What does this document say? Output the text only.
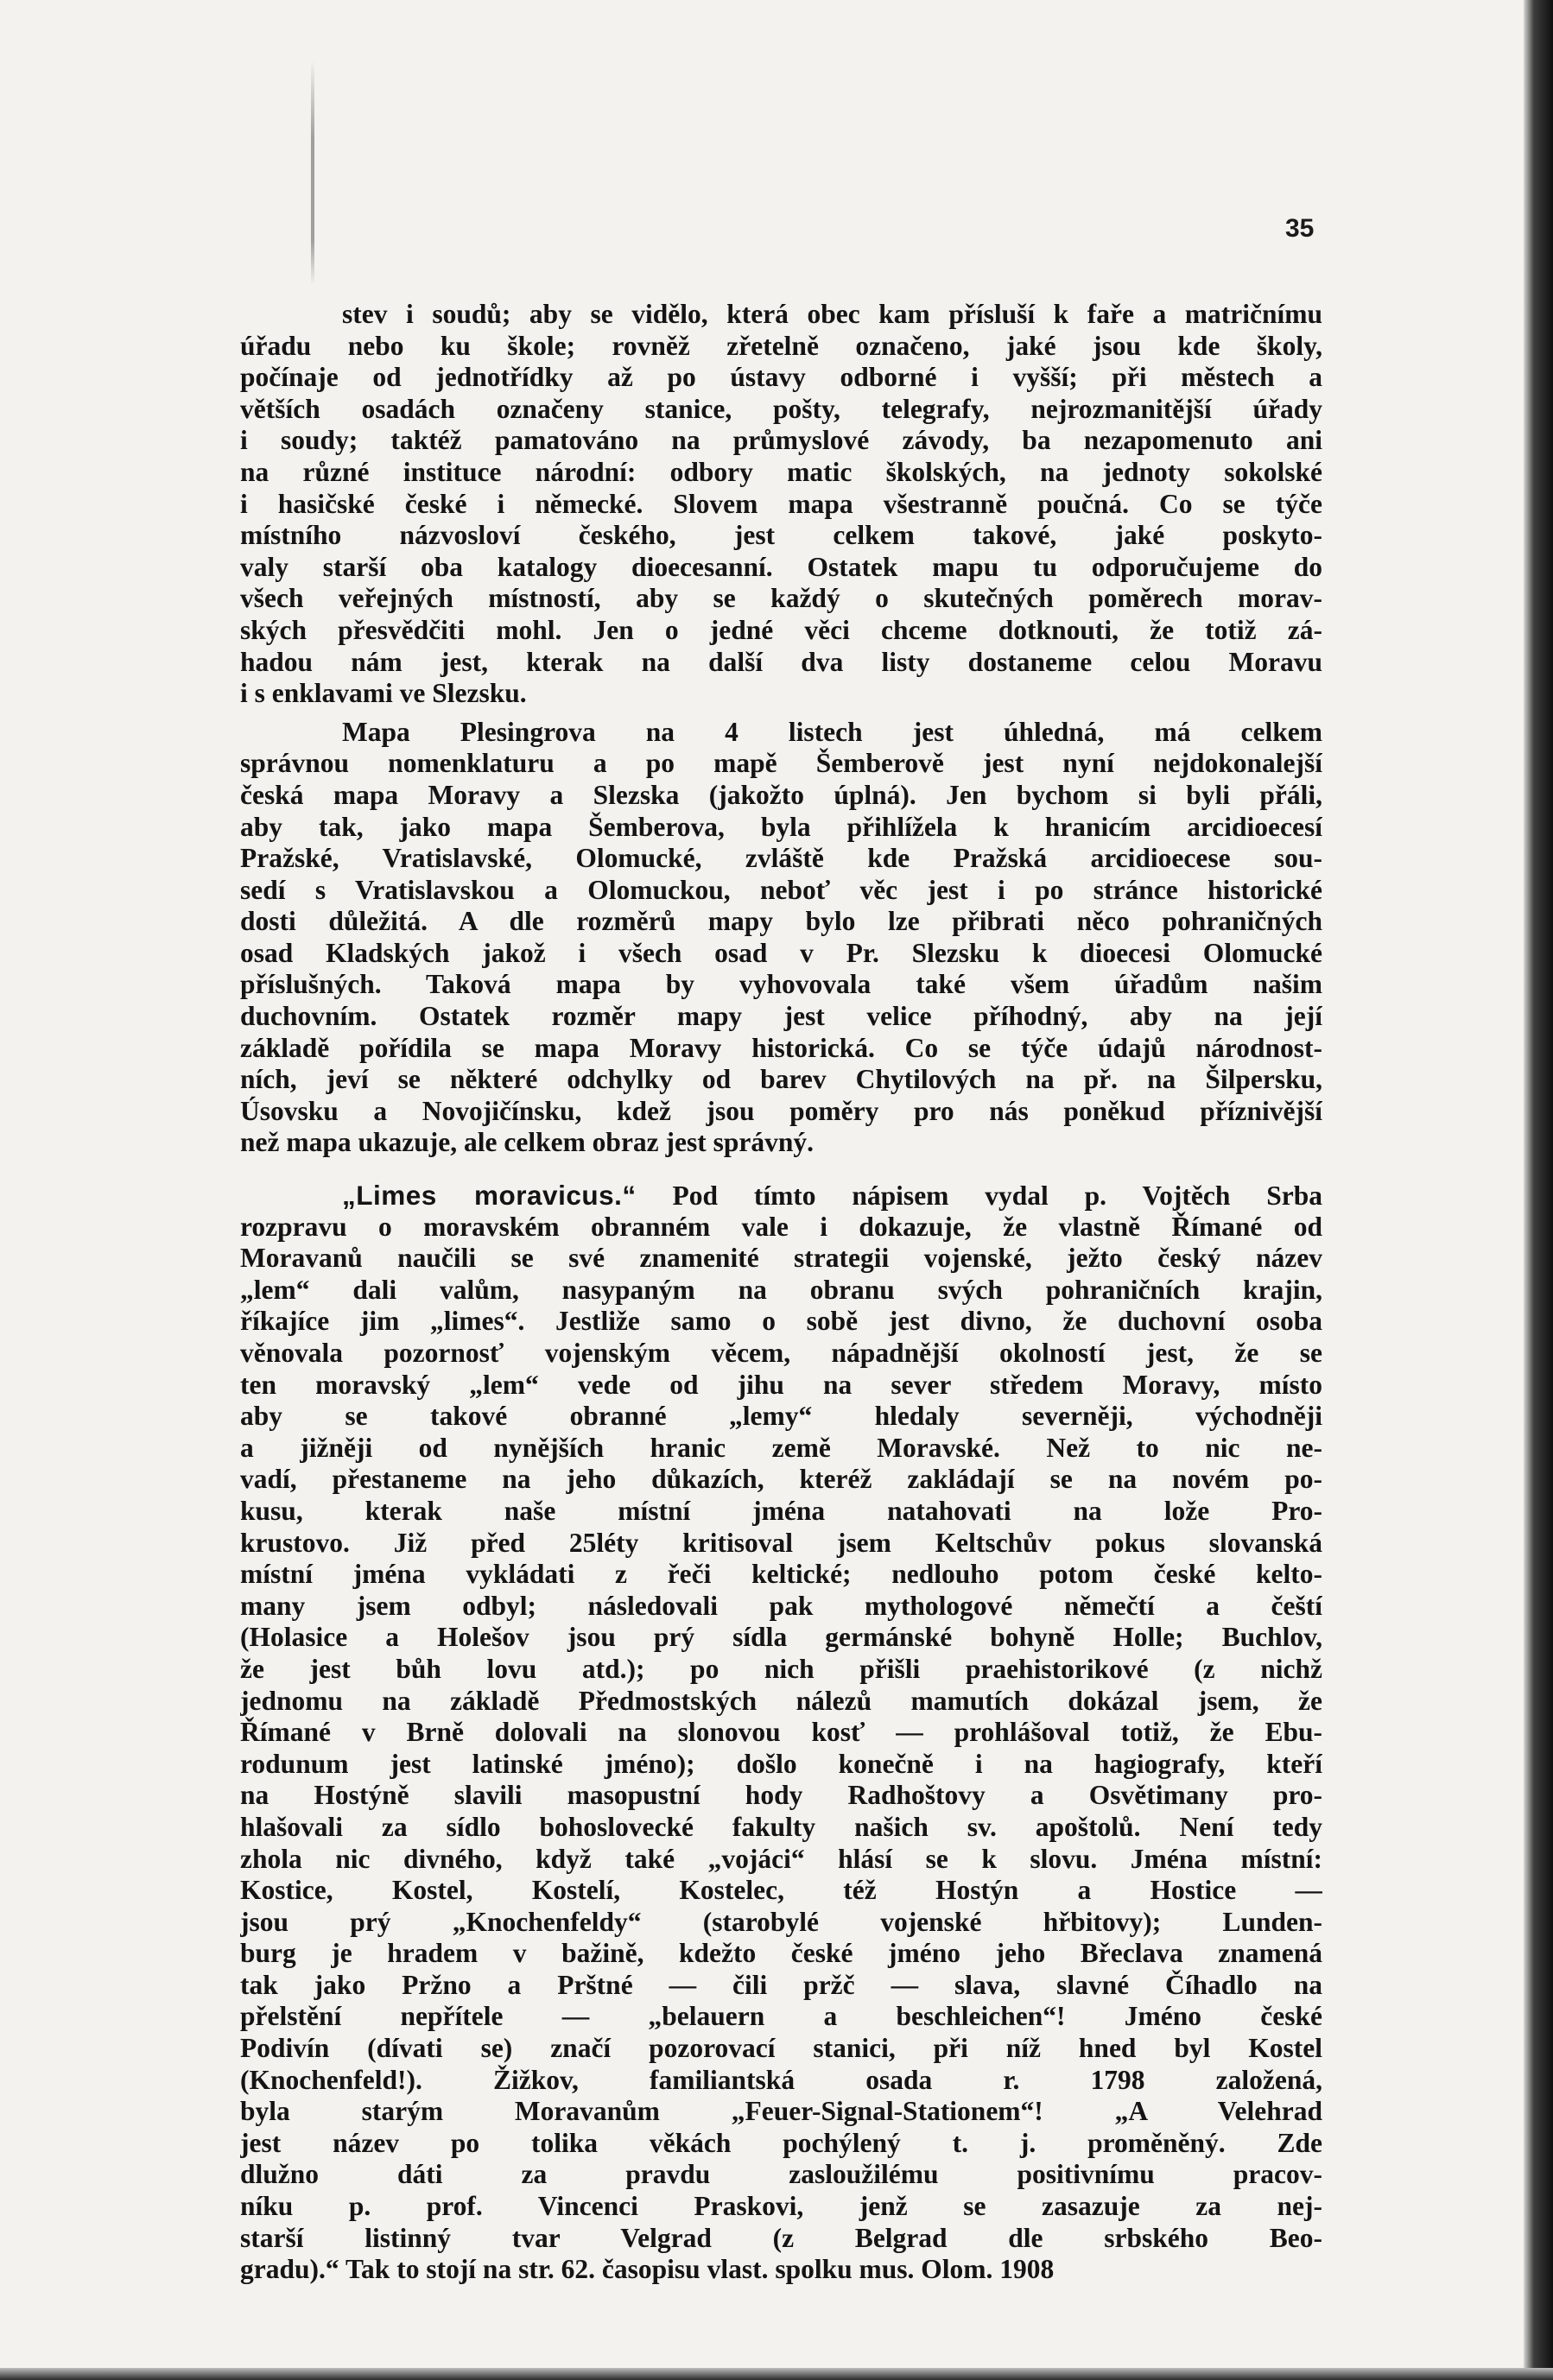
35
stev i soudů; aby se vidělo, která obec kam přísluší k faře a matričnímu
úřadu nebo ku škole; rovněž zřetelně označeno, jaké jsou kde školy,
počínaje od jednotřídky až po ústavy odborné i vyšší; při městech a
větších osadách označeny stanice, pošty, telegrafy, nejrozmanitější úřady
i soudy; taktéž pamatováno na průmyslové závody, ba nezapomenuto ani
na různé instituce národní: odbory matic školských, na jednoty sokolské
i hasičské české i německé. Slovem mapa všestranně poučná. Co se týče
místního názvosloví českého, jest celkem takové, jaké poskyto-
valy starší oba katalogy dioecesanní. Ostatek mapu tu odporučujeme do
všech veřejných místností, aby se každý o skutečných poměrech morav-
ských přesvědčiti mohl. Jen o jedné věci chceme dotknouti, že totiž zá-
hadou nám jest, kterak na další dva listy dostaneme celou Moravu
i s enklavami ve Slezsku.
Mapa Plesingrova na 4 listech jest úhledná, má celkem
správnou nomenklaturu a po mapě Šemberově jest nyní nejdokonalejší
česká mapa Moravy a Slezska (jakožto úplná). Jen bychom si byli přáli,
aby tak, jako mapa Šemberova, byla přihlížela k hranicím arcidioecesí
Pražské, Vratislavské, Olomucké, zvláště kde Pražská arcidioecese sou-
sedí s Vratislavskou a Olomuckou, neboť věc jest i po stránce historické
dosti důležitá. A dle rozměrů mapy bylo lze přibrati něco pohraničných
osad Kladských jakož i všech osad v Pr. Slezsku k dioecesi Olomucké
příslušných. Taková mapa by vyhovovala také všem úřadům našim
duchovním. Ostatek rozměr mapy jest velice příhodný, aby na její
základě pořídila se mapa Moravy historická. Co se týče údajů národnost-
ních, jeví se některé odchylky od barev Chytilových na př. na Šilpersku,
Úsovsku a Novojičínsku, kdež jsou poměry pro nás poněkud příznivější
než mapa ukazuje, ale celkem obraz jest správný.
„Limes moravicus.“ Pod tímto nápisem vydal p. Vojtěch Srba
rozpravu o moravském obranném vale i dokazuje, že vlastně Římané od
Moravanů naučili se své znamenité strategii vojenské, ježto český název
„lem“ dali valům, nasypaným na obranu svých pohraničních krajin,
říkajíce jim „limes“. Jestliže samo o sobě jest divno, že duchovní osoba
věnovala pozornosť vojenským věcem, nápadnější okolností jest, že se
ten moravský „lem“ vede od jihu na sever středem Moravy, místo
aby se takové obranné „lemy“ hledaly severněji, východněji
a jižněji od nynějších hranic země Moravské. Než to nic ne-
vadí, přestaneme na jeho důkazích, kteréž zakládají se na novém po-
kusu, kterak naše místní jména natahovati na lože Pro-
krustovo. Již před 25léty kritisoval jsem Keltschův pokus slovanská
místní jména vykládati z řeči keltické; nedlouho potom české kelto-
many jsem odbyl; následovali pak mythologové němečtí a čeští
(Holasice a Holešov jsou prý sídla germánské bohyně Holle; Buchlov,
že jest bůh lovu atd.); po nich přišli praehistorikové (z nichž
jednomu na základě Předmostských nálezů mamutích dokázal jsem, že
Římané v Brně dolovali na slonovou kosť — prohlášoval totiž, že Ebu-
rodunum jest latinské jméno); došlo konečně i na hagiografy, kteří
na Hostýně slavili masopustní hody Radhoštovy a Osvětimany pro-
hlašovali za sídlo bohoslovecké fakulty našich sv. apoštolů. Není tedy
zhola nic divného, když také „vojáci“ hlásí se k slovu. Jména místní:
Kostice, Kostel, Kostelí, Kostelec, též Hostýn a Hostice —
jsou prý „Knochenfeldy“ (starobylé vojenské hřbitovy); Lunden-
burg je hradem v bažině, kdežto české jméno jeho Břeclava znamená
tak jako Pržno a Prštné — čili pržč — slava, slavné Číhadlo na
přelstění nepřítele — „belauern a beschleichen“! Jméno české
Podivín (dívati se) značí pozorovací stanici, při níž hned byl Kostel
(Knochenfeld!). Žižkov, familiantská osada r. 1798 založená,
byla starým Moravanům „Feuer-Signal-Stationem“! „A Velehrad
jest název po tolika věkách pochýlený t. j. proměněný. Zde
dlužno dáti za pravdu zasloužilému positivnímu pracov-
níku p. prof. Vincenci Praskovi, jenž se zasazuje za nej-
starší listinný tvar Velgrad (z Belgrad dle srbského Beo-
gradu).“ Tak to stojí na str. 62. časopisu vlast. spolku mus. Olom. 1908
